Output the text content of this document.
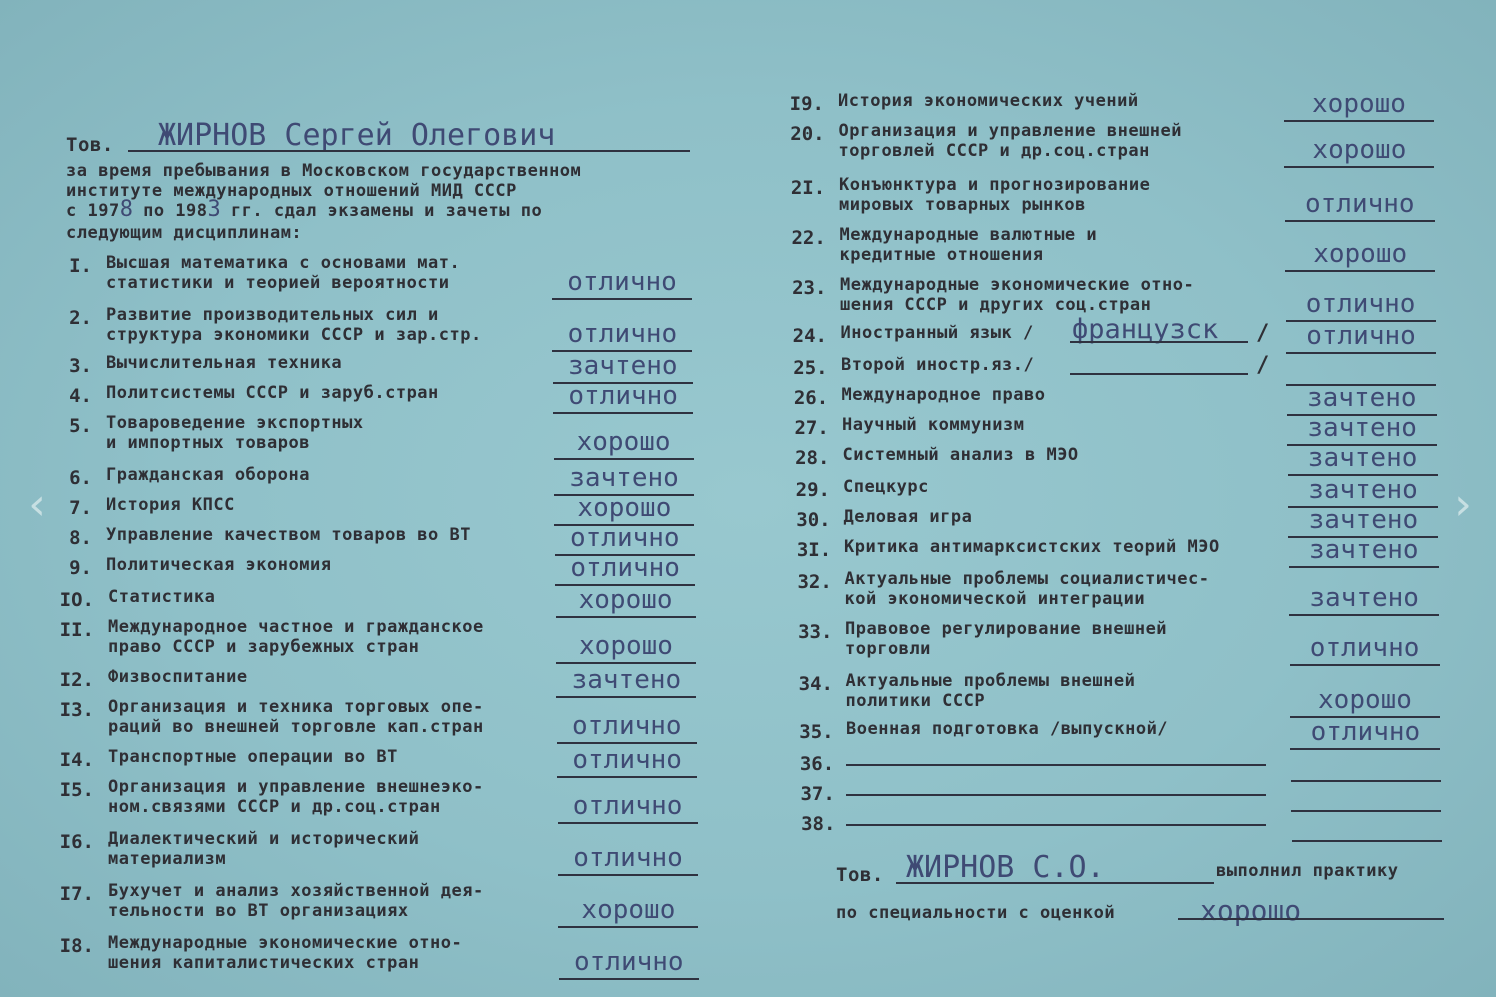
Тов. ЖИРНОВ Сергей Олегович
за время пребывания в Московском государственном
институте международных отношений МИД СССР
с 1978 по 1983 гг. сдал экзамены и зачеты по
следующим дисциплинам:
I. Высшая математика с основами мат.
статистики и теорией вероятности	отлично
2. Развитие производительных сил и
структура экономики СССР и зар.стр.	отлично
3. Вычислительная техника	зачтено
4. Политсистемы СССР и заруб.стран	отлично
5. Товароведение экспортных
и импортных товаров	хорошо
6. Гражданская оборона	зачтено
7. История КПСС	хорошо
8. Управление качеством товаров во ВТ	отлично
9. Политическая экономия	отлично
IO. Статистика	хорошо
II. Международное частное и гражданское
право СССР и зарубежных стран	хорошо
I2. Физвоспитание	зачтено
I3. Организация и техника торговых опе-
раций во внешней торговле кап.стран	отлично
I4. Транспортные операции во ВТ	отлично
I5. Организация и управление внешнеэко-
ном.связями СССР и др.соц.стран	отлично
I6. Диалектический и исторический
материализм	отлично
I7. Бухучет и анализ хозяйственной дея-
тельности во ВТ организациях	хорошо
I8. Международные экономические отно-
шения капиталистических стран	отлично
I9. История экономических учений	хорошо
20. Организация и управление внешней
торговлей СССР и др.соц.стран	хорошо
2I. Конъюнктура и прогнозирование
мировых товарных рынков	отлично
22. Международные валютные и
кредитные отношения	хорошо
23. Международные экономические отно-
шения СССР и других соц.стран	отлично
24. Иностранный язык / французск /	отлично
25. Второй иностр.яз./	/
26. Международное право	зачтено
27. Научный коммунизм	зачтено
28. Системный анализ в МЭО	зачтено
29. Спецкурс	зачтено
30. Деловая игра	зачтено
3I. Критика антимарксистских теорий МЭО	зачтено
32. Актуальные проблемы социалистичес-
кой экономической интеграции	зачтено
33. Правовое регулирование внешней
торговли	отлично
34. Актуальные проблемы внешней
политики СССР	хорошо
35. Военная подготовка /выпускной/	отлично
36.
37.
38.
Тов. ЖИРНОВ С.О.	выполнил практику
по специальности с оценкой	хорошо
‹	›
